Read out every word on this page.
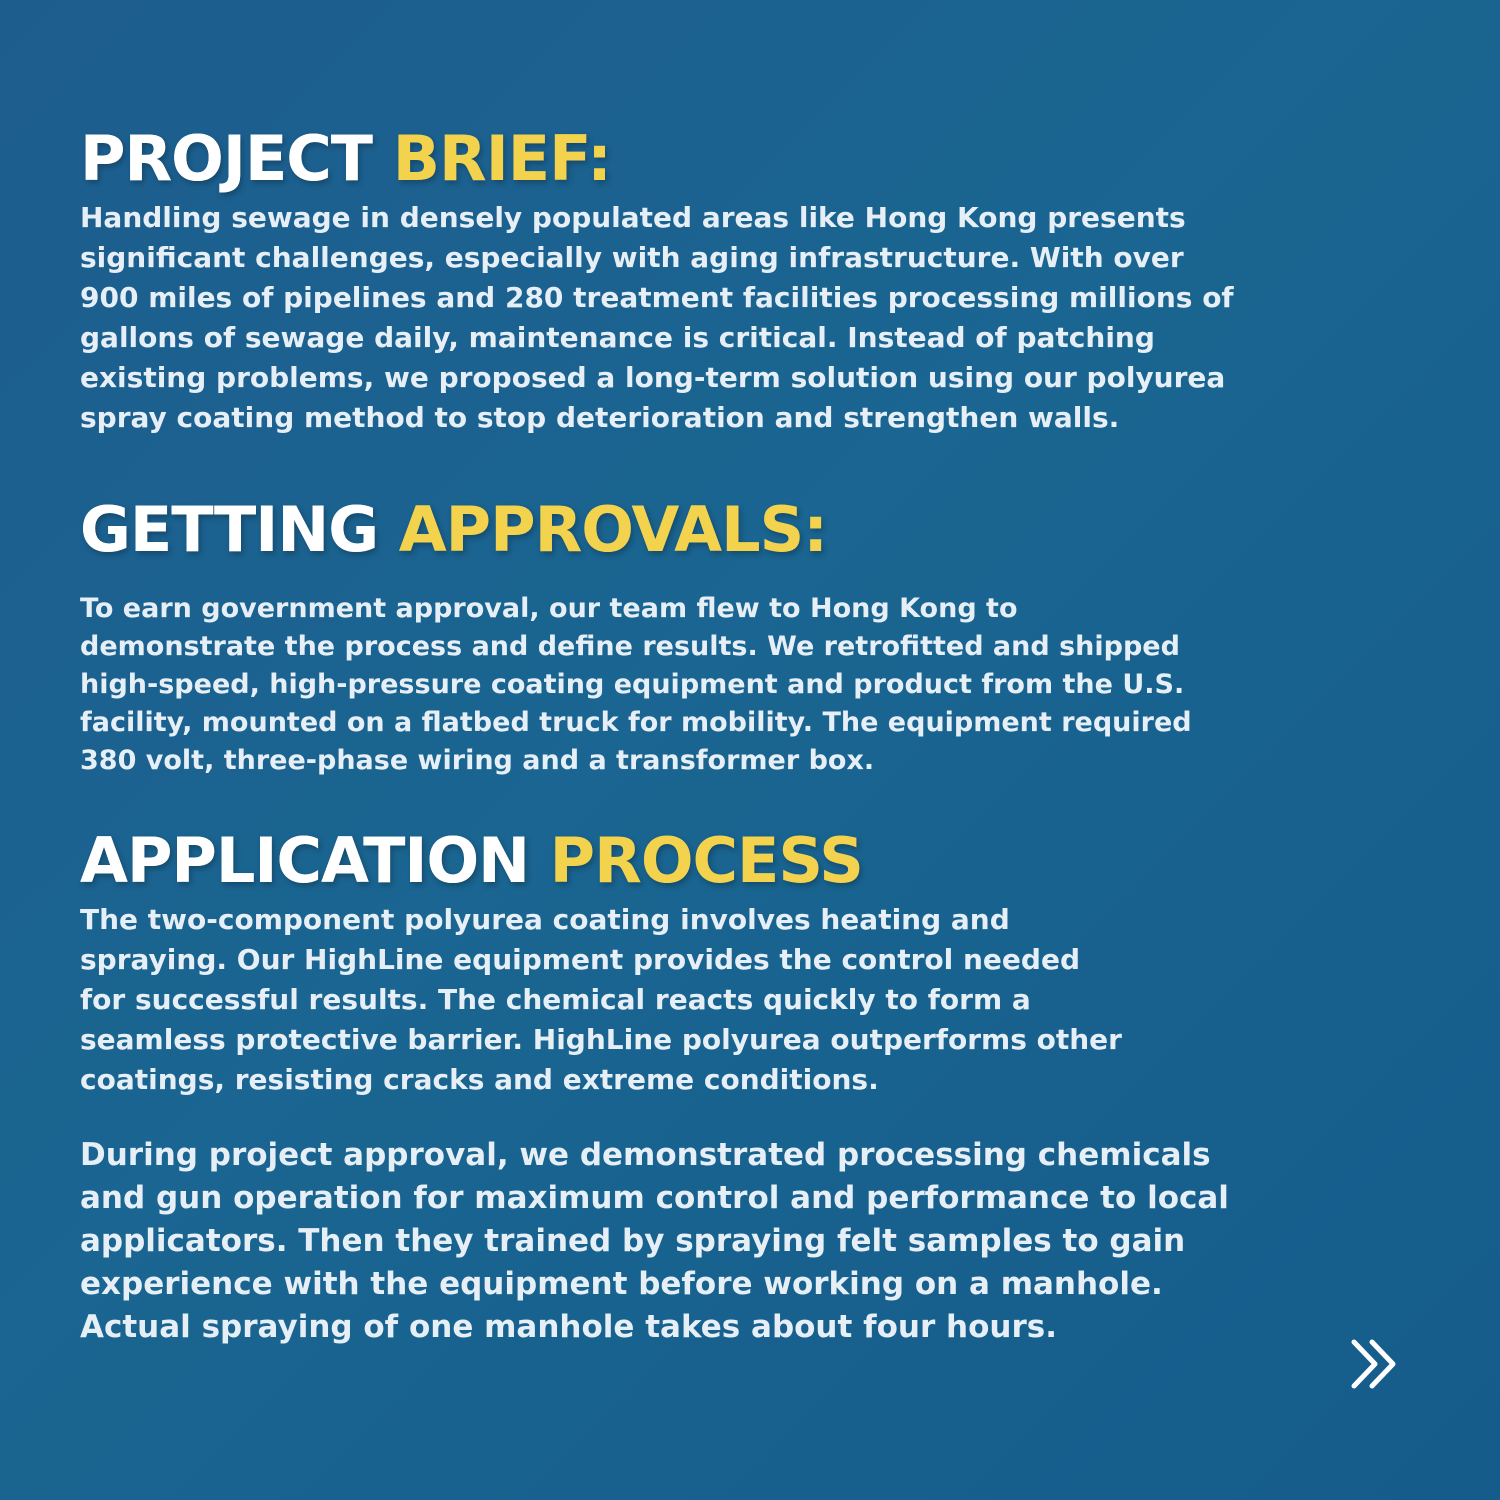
PROJECT BRIEF:

Handling sewage in densely populated areas like Hong Kong presents
significant challenges, especially with aging infrastructure. With over
900 miles of pipelines and 280 treatment facilities processing millions of
gallons of sewage daily, maintenance is critical. Instead of patching
existing problems, we proposed a long-term solution using our polyurea
spray coating method to stop deterioration and strengthen walls.

GETTING APPROVALS:

To earn government approval, our team flew to Hong Kong to
demonstrate the process and define results. We retrofitted and shipped
high-speed, high-pressure coating equipment and product from the U.S.
facility, mounted on a flatbed truck for mobility. The equipment required
380 volt, three-phase wiring and a transformer box.

APPLICATION PROCESS

The two-component polyurea coating involves heating and
spraying. Our HighLine equipment provides the control needed
for successful results. The chemical reacts quickly to form a
seamless protective barrier. HighLine polyurea outperforms other
coatings, resisting cracks and extreme conditions.

During project approval, we demonstrated processing chemicals
and gun operation for maximum control and performance to local
applicators. Then they trained by spraying felt samples to gain
experience with the equipment before working on a manhole.
Actual spraying of one manhole takes about four hours.
